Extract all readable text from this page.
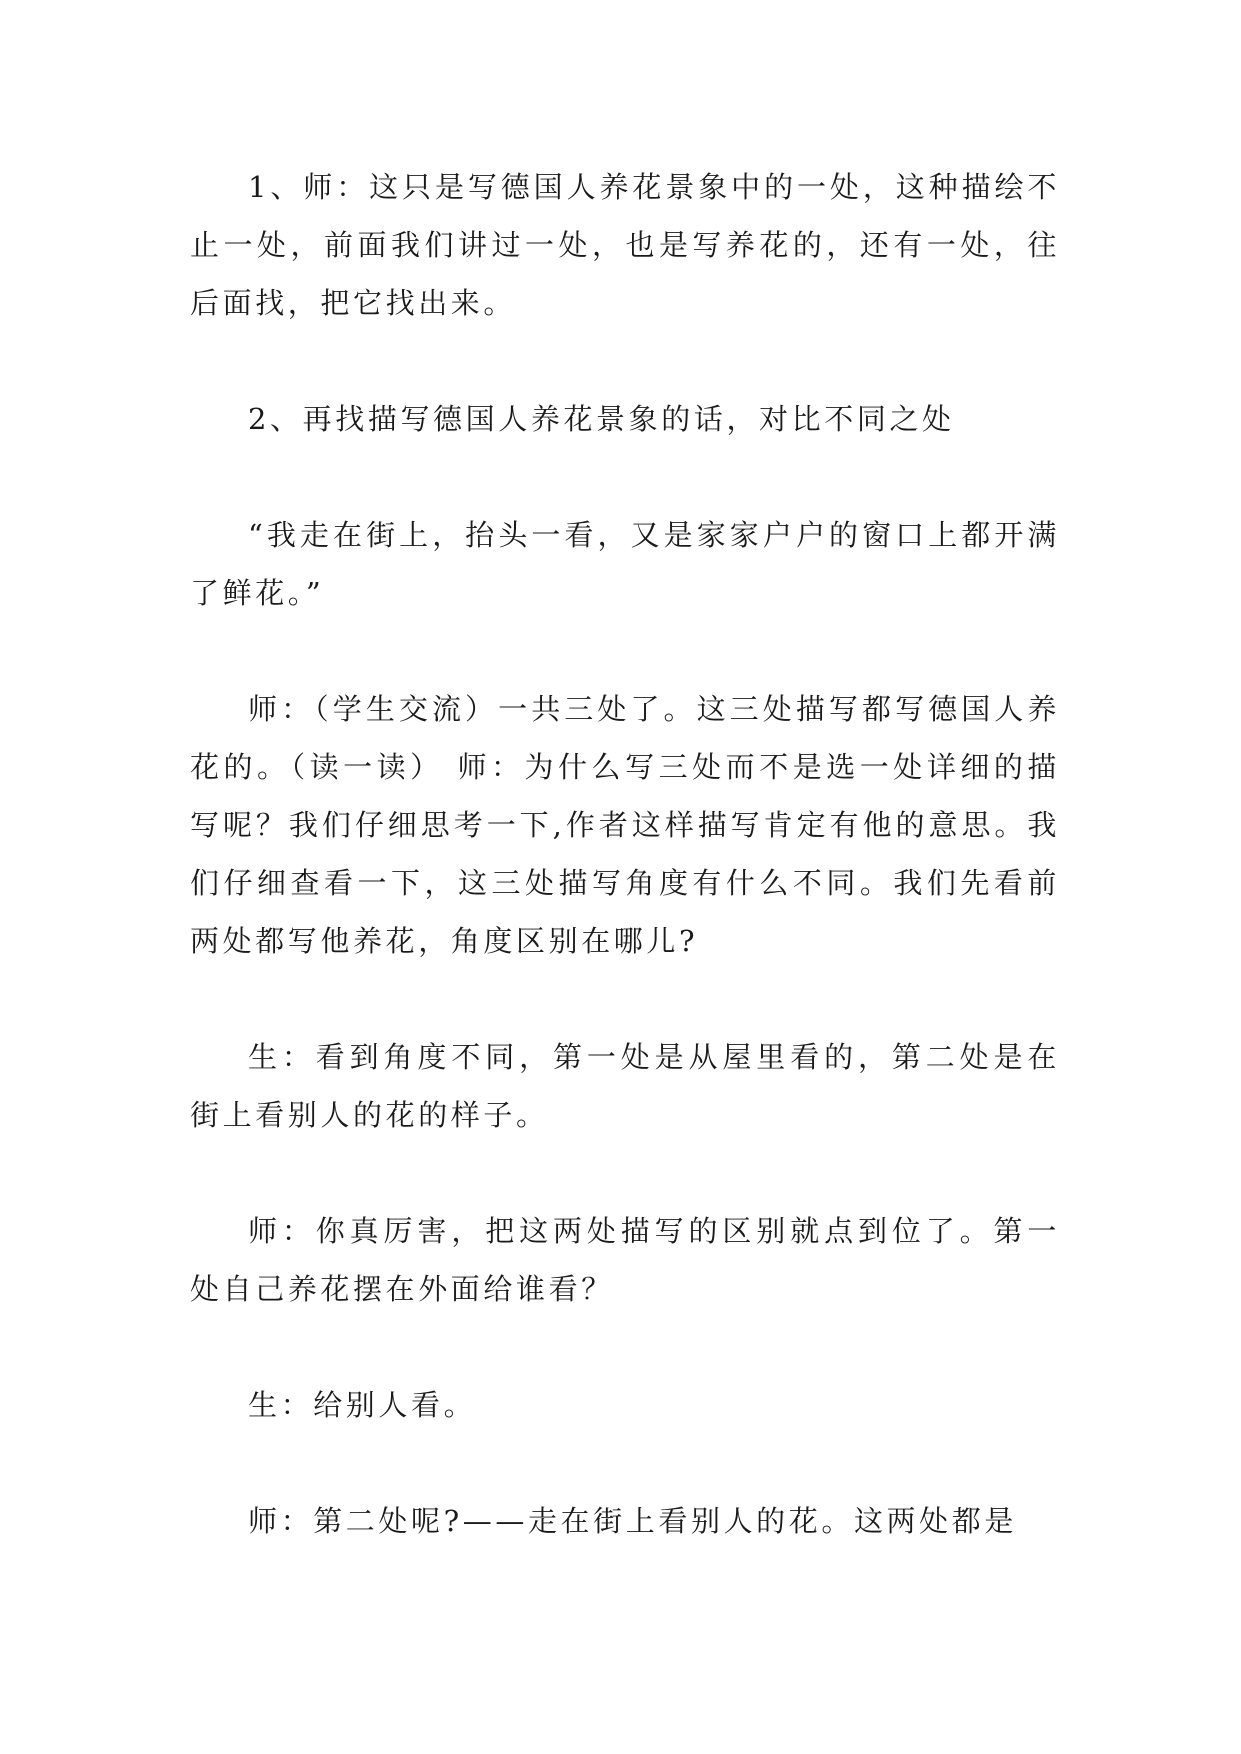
1、师：这只是写德国人养花景象中的一处，这种描绘不止一处，前面我们讲过一处，也是写养花的，还有一处，往后面找，把它找出来。

2、再找描写德国人养花景象的话，对比不同之处

“我走在街上，抬头一看，又是家家户户的窗口上都开满了鲜花。”

师：（学生交流）一共三处了。这三处描写都写德国人养花的。（读一读） 师：为什么写三处而不是选一处详细的描写呢？我们仔细思考一下,作者这样描写肯定有他的意思。我们仔细查看一下，这三处描写角度有什么不同。我们先看前两处都写他养花，角度区别在哪儿?

生：看到角度不同，第一处是从屋里看的，第二处是在街上看别人的花的样子。

师：你真厉害，把这两处描写的区别就点到位了。第一处自己养花摆在外面给谁看？

生：给别人看。

师：第二处呢?——走在街上看别人的花。这两处都是
